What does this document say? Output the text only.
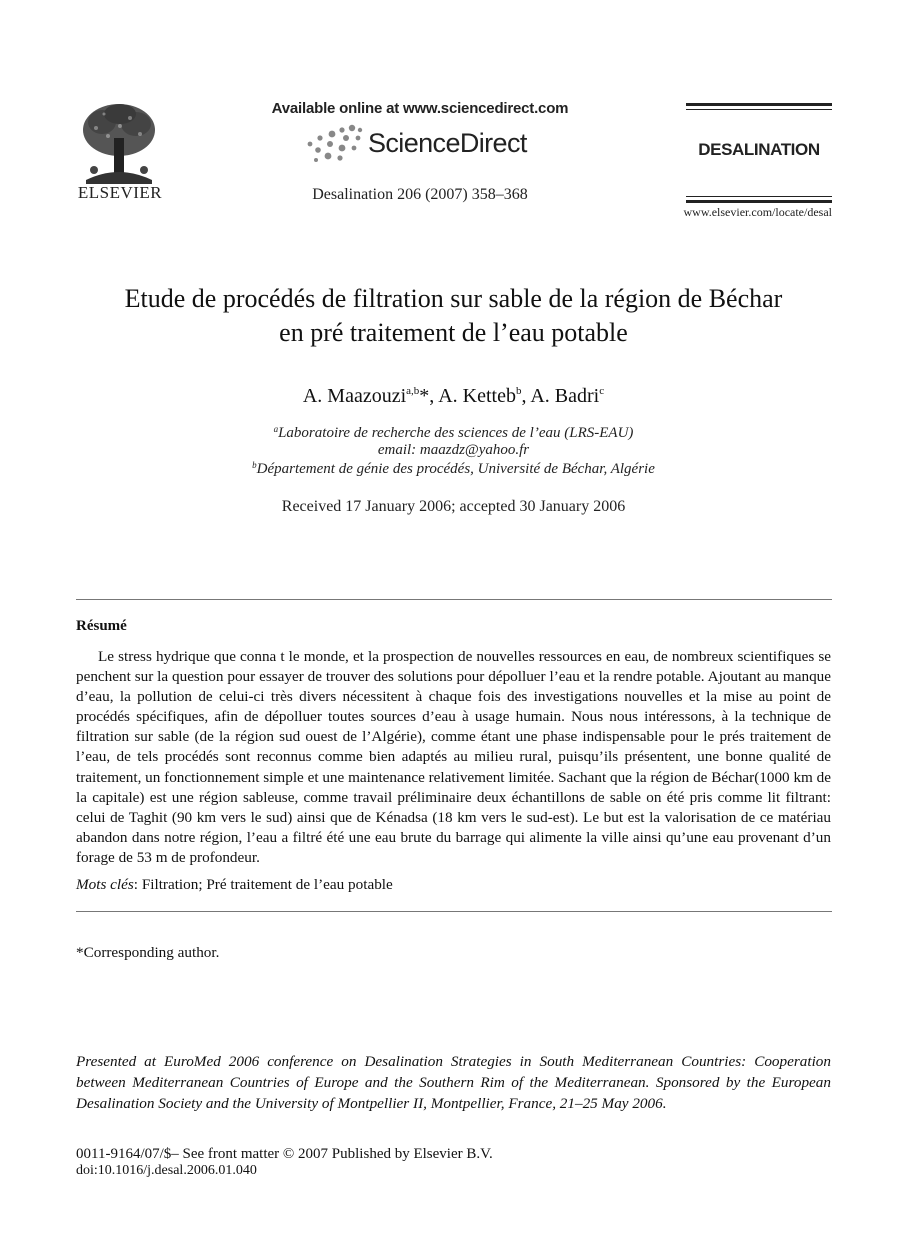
ELSEVIER
Available online at www.sciencedirect.com
ScienceDirect
Desalination 206 (2007) 358–368
DESALINATION
www.elsevier.com/locate/desal
Etude de procédés de filtration sur sable de la région de Béchar
en pré traitement de l’eau potable
A. Maazouzi$^{a,b}$*, A. Ketteb$^b$, A. Badri$^c$
$^a$Laboratoire de recherche des sciences de l’eau (LRS-EAU)
email: maazdz@yahoo.fr
$^b$Département de génie des procédés, Université de Béchar, Algérie
Received 17 January 2006; accepted 30 January 2006
Résumé
Le stress hydrique que conna t le monde, et la prospection de nouvelles ressources en eau, de nombreux scientifiques se penchent sur la question pour essayer de trouver des solutions pour dépolluer l’eau et la rendre potable. Ajoutant au manque d’eau, la pollution de celui-ci très divers nécessitent à chaque fois des investigations nouvelles et la mise au point de procédés spécifiques, afin de dépolluer toutes sources d’eau à usage humain. Nous nous intéressons, à la technique de filtration sur sable (de la région sud ouest de l’Algérie), comme étant une phase indispensable pour le prés traitement de l’eau, de tels procédés sont reconnus comme bien adaptés au milieu rural, puisqu’ils présentent, une bonne qualité de traitement, un fonctionnement simple et une maintenance relativement limitée. Sachant que la région de Béchar(1000 km de la capitale) est une région sableuse, comme travail préliminaire deux échantillons de sable on été pris comme lit filtrant: celui de Taghit (90 km vers le sud) ainsi que de Kénadsa (18 km vers le sud-est). Le but est la valorisation de ce matériau abandon dans notre région, l’eau a filtré été une eau brute du barrage qui alimente la ville ainsi qu’une eau provenant d’un forage de 53 m de profondeur.
Mots clés: Filtration; Pré traitement de l’eau potable
*Corresponding author.
Presented at EuroMed 2006 conference on Desalination Strategies in South Mediterranean Countries: Cooperation between Mediterranean Countries of Europe and the Southern Rim of the Mediterranean. Sponsored by the European Desalination Society and the University of Montpellier II, Montpellier, France, 21–25 May 2006.
0011-9164/07/$– See front matter © 2007 Published by Elsevier B.V.
doi:10.1016/j.desal.2006.01.040
